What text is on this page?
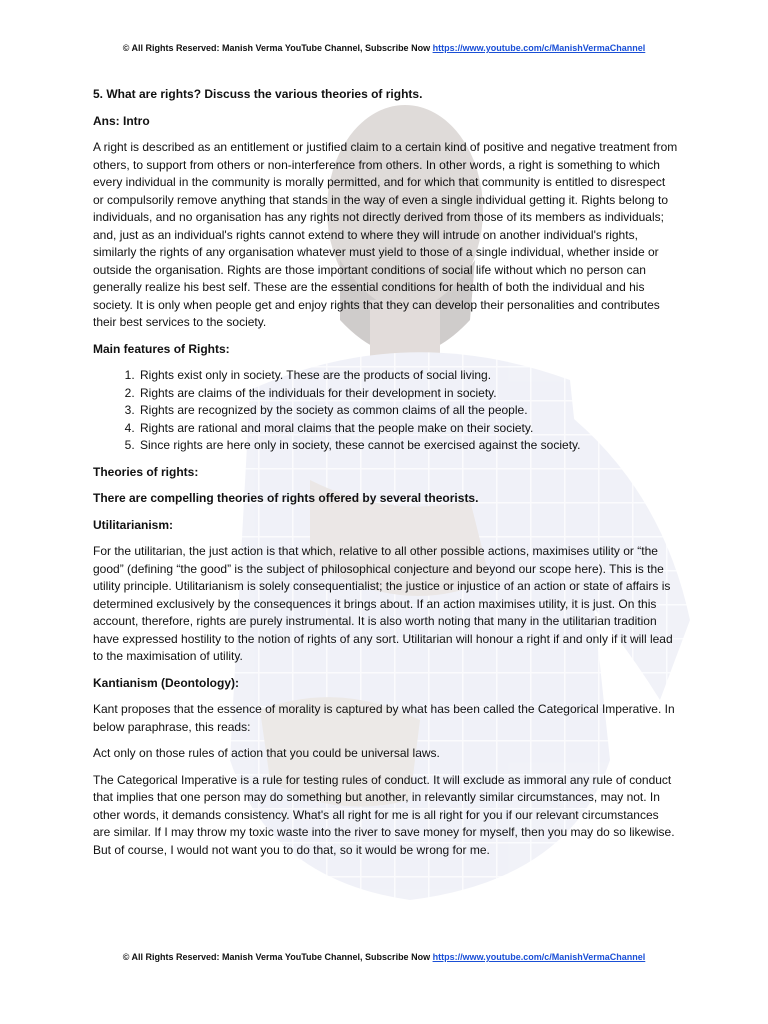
© All Rights Reserved: Manish Verma YouTube Channel, Subscribe Now https://www.youtube.com/c/ManishVermaChannel

5. What are rights? Discuss the various theories of rights.

Ans: Intro

A right is described as an entitlement or justified claim to a certain kind of positive and negative treatment from others, to support from others or non-interference from others. In other words, a right is something to which every individual in the community is morally permitted, and for which that community is entitled to disrespect or compulsorily remove anything that stands in the way of even a single individual getting it. Rights belong to individuals, and no organisation has any rights not directly derived from those of its members as individuals; and, just as an individual's rights cannot extend to where they will intrude on another individual's rights, similarly the rights of any organisation whatever must yield to those of a single individual, whether inside or outside the organisation. Rights are those important conditions of social life without which no person can generally realize his best self. These are the essential conditions for health of both the individual and his society. It is only when people get and enjoy rights that they can develop their personalities and contributes their best services to the society.

Main features of Rights:

1. Rights exist only in society. These are the products of social living.
2. Rights are claims of the individuals for their development in society.
3. Rights are recognized by the society as common claims of all the people.
4. Rights are rational and moral claims that the people make on their society.
5. Since rights are here only in society, these cannot be exercised against the society.

Theories of rights:

There are compelling theories of rights offered by several theorists.

Utilitarianism:

For the utilitarian, the just action is that which, relative to all other possible actions, maximises utility or “the good” (defining “the good” is the subject of philosophical conjecture and beyond our scope here). This is the utility principle. Utilitarianism is solely consequentialist; the justice or injustice of an action or state of affairs is determined exclusively by the consequences it brings about. If an action maximises utility, it is just. On this account, therefore, rights are purely instrumental. It is also worth noting that many in the utilitarian tradition have expressed hostility to the notion of rights of any sort. Utilitarian will honour a right if and only if it will lead to the maximisation of utility.

Kantianism (Deontology):

Kant proposes that the essence of morality is captured by what has been called the Categorical Imperative. In below paraphrase, this reads:

Act only on those rules of action that you could be universal laws.

The Categorical Imperative is a rule for testing rules of conduct. It will exclude as immoral any rule of conduct that implies that one person may do something but another, in relevantly similar circumstances, may not. In other words, it demands consistency. What's all right for me is all right for you if our relevant circumstances are similar. If I may throw my toxic waste into the river to save money for myself, then you may do so likewise. But of course, I would not want you to do that, so it would be wrong for me.

© All Rights Reserved: Manish Verma YouTube Channel, Subscribe Now https://www.youtube.com/c/ManishVermaChannel
